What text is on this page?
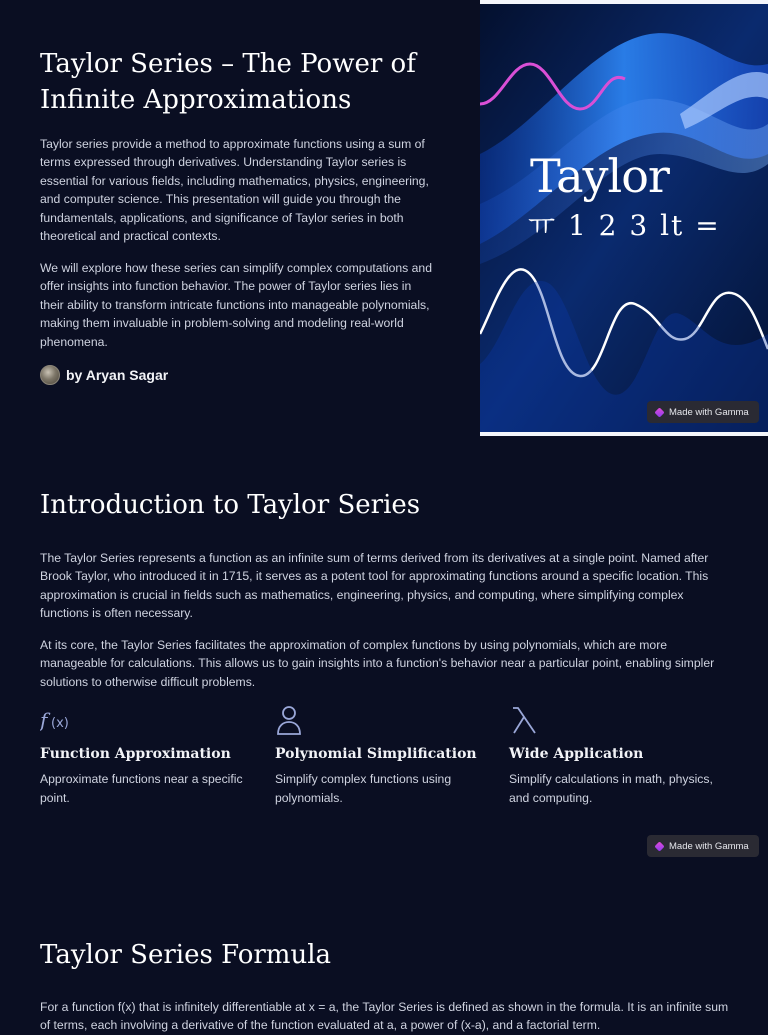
Taylor Series – The Power of Infinite Approximations

Taylor series provide a method to approximate functions using a sum of terms expressed through derivatives. Understanding Taylor series is essential for various fields, including mathematics, physics, engineering, and computer science. This presentation will guide you through the fundamentals, applications, and significance of Taylor series in both theoretical and practical contexts.

We will explore how these series can simplify complex computations and offer insights into function behavior. The power of Taylor series lies in their ability to transform intricate functions into manageable polynomials, making them invaluable in problem-solving and modeling real-world phenomena.

by Aryan Sagar
Taylor
ㅠ 1 2 3 lt =
Made with Gamma
Introduction to Taylor Series

The Taylor Series represents a function as an infinite sum of terms derived from its derivatives at a single point. Named after Brook Taylor, who introduced it in 1715, it serves as a potent tool for approximating functions around a specific location. This approximation is crucial in fields such as mathematics, engineering, physics, and computing, where simplifying complex functions is often necessary.

At its core, the Taylor Series facilitates the approximation of complex functions by using polynomials, which are more manageable for calculations. This allows us to gain insights into a function's behavior near a particular point, enabling simpler solutions to otherwise difficult problems.

f (x)
Function Approximation
Approximate functions near a specific point.
Polynomial Simplification
Simplify complex functions using polynomials.
Wide Application
Simplify calculations in math, physics, and computing.
Made with Gamma
Taylor Series Formula

For a function f(x) that is infinitely differentiable at x = a, the Taylor Series is defined as shown in the formula. It is an infinite sum of terms, each involving a derivative of the function evaluated at a, a power of (x-a), and a factorial term.
